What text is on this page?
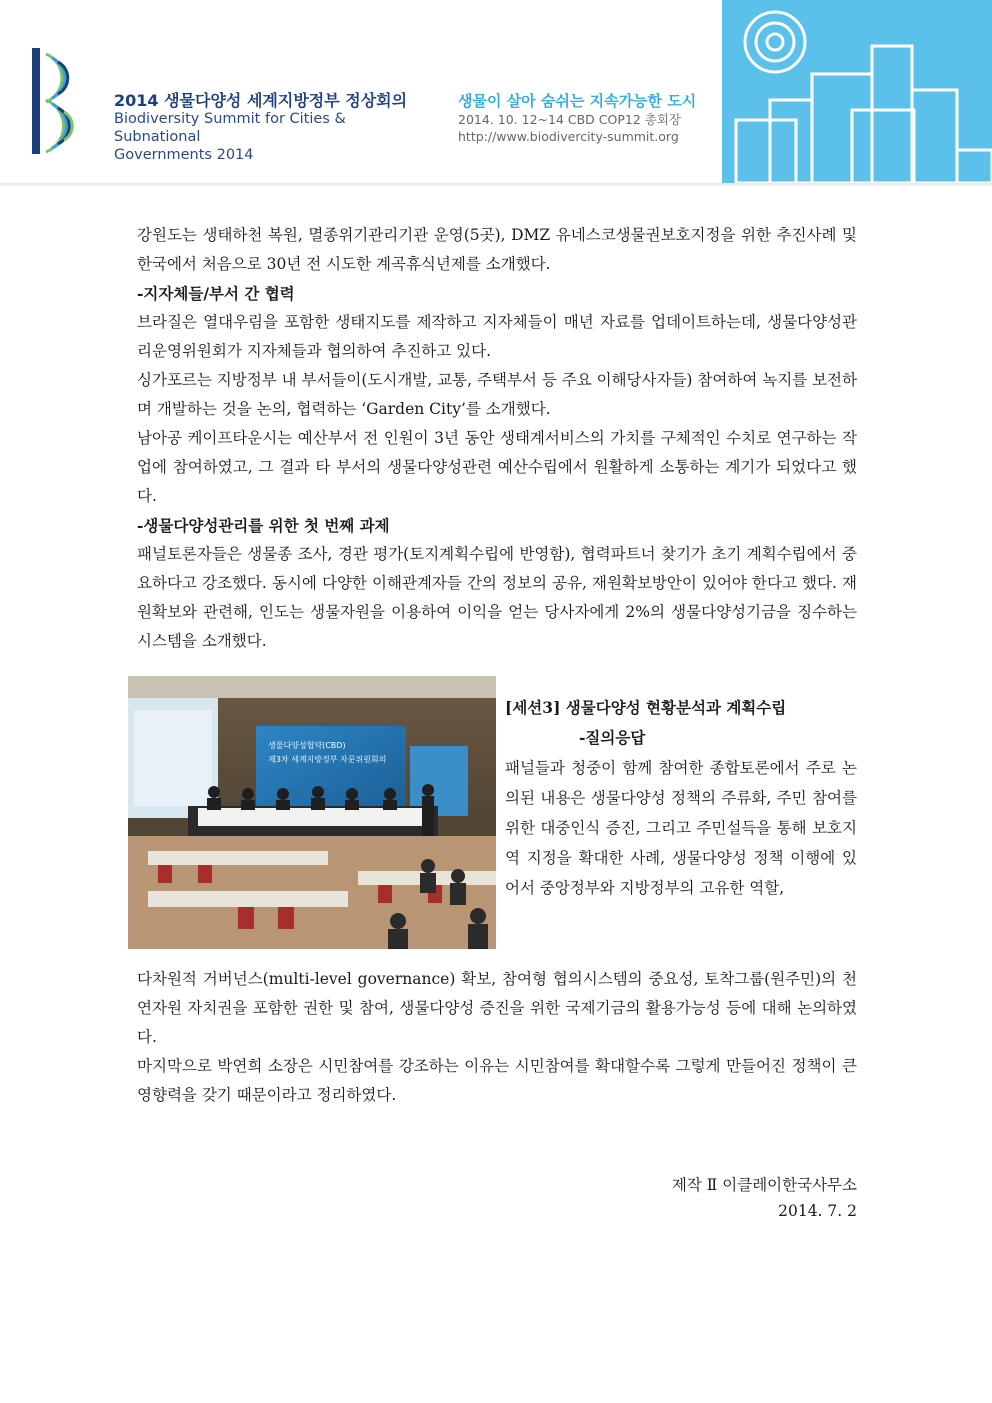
2014 생물다양성 세계지방정부 정상회의
Biodiversity Summit for Cities & Subnational
Governments 2014
생물이 살아 숨쉬는 지속가능한 도시
2014. 10. 12~14 CBD COP12 총회장
http://www.biodivercity-summit.org

강원도는 생태하천 복원, 멸종위기관리기관 운영(5곳), DMZ 유네스코생물권보호지정을 위한 추진사례 및 한국에서 처음으로 30년 전 시도한 계곡휴식년제를 소개했다.

-지자체들/부서 간 협력

브라질은 열대우림을 포함한 생태지도를 제작하고 지자체들이 매년 자료를 업데이트하는데, 생물다양성관리운영위원회가 지자체들과 협의하여 추진하고 있다.

싱가포르는 지방정부 내 부서들이(도시개발, 교통, 주택부서 등 주요 이해당사자들) 참여하여 녹지를 보전하며 개발하는 것을 논의, 협력하는 ‘Garden City’를 소개했다.

남아공 케이프타운시는 예산부서 전 인원이 3년 동안 생태계서비스의 가치를 구체적인 수치로 연구하는 작업에 참여하였고, 그 결과 타 부서의 생물다양성관련 예산수립에서 원활하게 소통하는 계기가 되었다고 했다.

-생물다양성관리를 위한 첫 번째 과제

패널토론자들은 생물종 조사, 경관 평가(토지계획수립에 반영함), 협력파트너 찾기가 초기 계획수립에서 중요하다고 강조했다. 동시에 다양한 이해관계자들 간의 정보의 공유, 재원확보방안이 있어야 한다고 했다. 재원확보와 관련해, 인도는 생물자원을 이용하여 이익을 얻는 당사자에게 2%의 생물다양성기금을 징수하는 시스템을 소개했다.

생물다양성협약(CBD)
제3차 세계지방정부 자문위원회의

[세션3] 생물다양성 현황분석과 계획수립

-질의응답

패널들과 청중이 함께 참여한 종합토론에서 주로 논의된 내용은 생물다양성 정책의 주류화, 주민 참여를 위한 대중인식 증진, 그리고 주민설득을 통해 보호지역 지정을 확대한 사례, 생물다양성 정책 이행에 있어서 중앙정부와 지방정부의 고유한 역할,

다차원적 거버넌스(multi-level governance) 확보, 참여형 협의시스템의 중요성, 토착그룹(원주민)의 천연자원 자치권을 포함한 권한 및 참여, 생물다양성 증진을 위한 국제기금의 활용가능성 등에 대해 논의하였다.

마지막으로 박연희 소장은 시민참여를 강조하는 이유는 시민참여를 확대할수록 그렇게 만들어진 정책이 큰 영향력을 갖기 때문이라고 정리하였다.

제작 Ⅱ 이클레이한국사무소
2014. 7. 2
